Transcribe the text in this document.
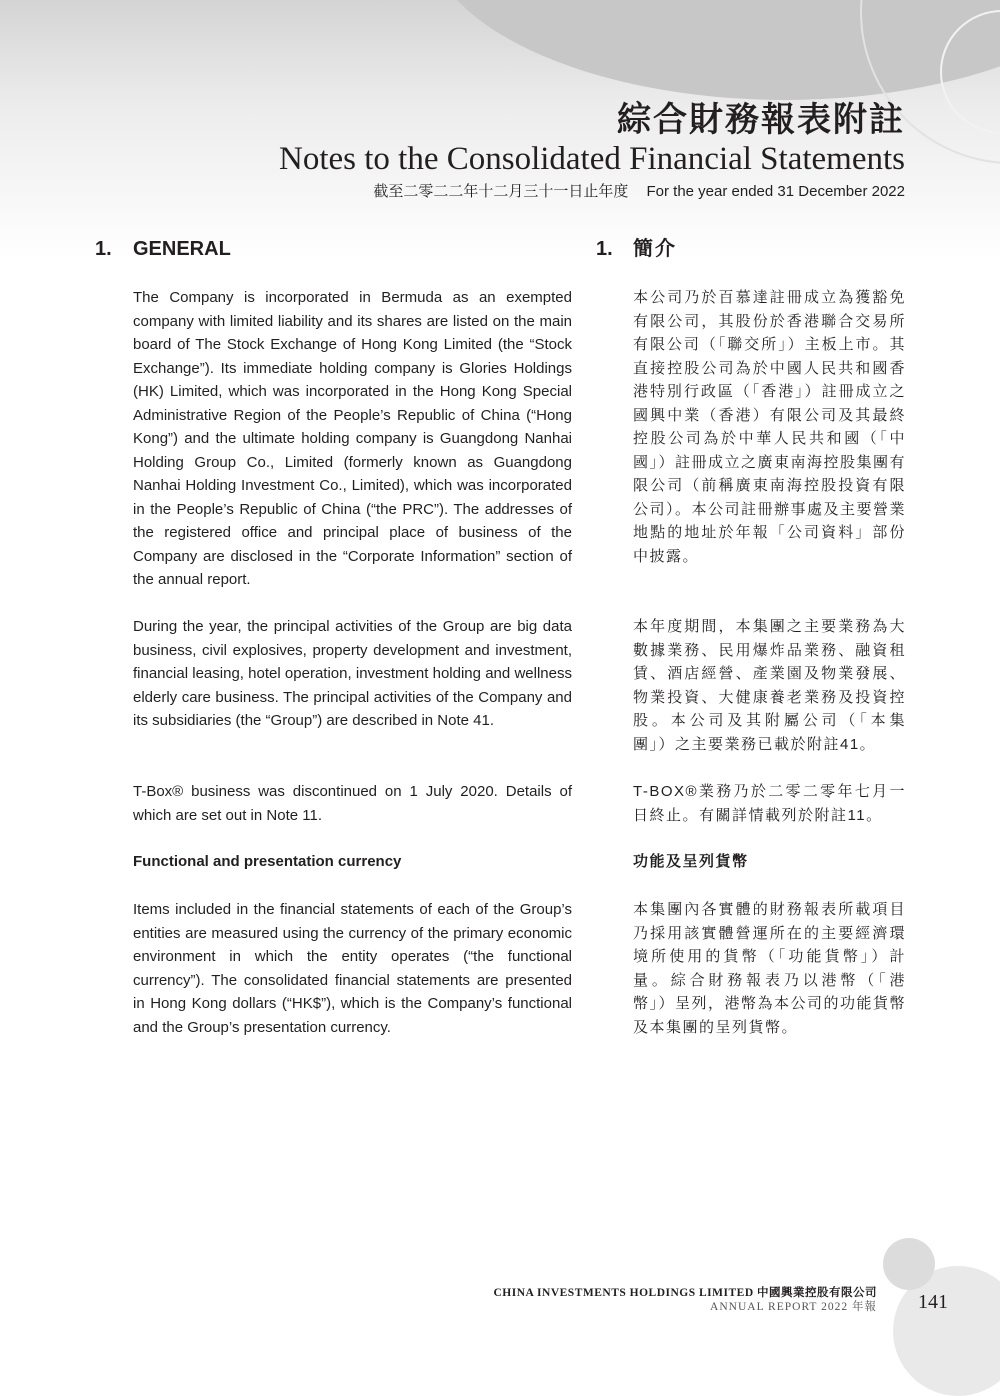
綜合財務報表附註
Notes to the Consolidated Financial Statements
截至二零二二年十二月三十一日止年度 For the year ended 31 December 2022
1. GENERAL	1. 簡介

The Company is incorporated in Bermuda as an exempted company with limited liability and its shares are listed on the main board of The Stock Exchange of Hong Kong Limited (the “Stock Exchange”). Its immediate holding company is Glories Holdings (HK) Limited, which was incorporated in the Hong Kong Special Administrative Region of the People’s Republic of China (“Hong Kong”) and the ultimate holding company is Guangdong Nanhai Holding Group Co., Limited (formerly known as Guangdong Nanhai Holding Investment Co., Limited), which was incorporated in the People’s Republic of China (“the PRC”). The addresses of the registered office and principal place of business of the Company are disclosed in the “Corporate Information” section of the annual report.

During the year, the principal activities of the Group are big data business, civil explosives, property development and investment, financial leasing, hotel operation, investment holding and wellness elderly care business. The principal activities of the Company and its subsidiaries (the “Group”) are described in Note 41.

T-Box® business was discontinued on 1 July 2020. Details of which are set out in Note 11.

Functional and presentation currency

Items included in the financial statements of each of the Group’s entities are measured using the currency of the primary economic environment in which the entity operates (“the functional currency”). The consolidated financial statements are presented in Hong Kong dollars (“HK$”), which is the Company’s functional and the Group’s presentation currency.

本公司乃於百慕達註冊成立為獲豁免有限公司，其股份於香港聯合交易所有限公司（「聯交所」）主板上市。其直接控股公司為於中國人民共和國香港特別行政區（「香港」）註冊成立之國興中業（香港）有限公司及其最終控股公司為於中華人民共和國（「中國」）註冊成立之廣東南海控股集團有限公司（前稱廣東南海控股投資有限公司）。本公司註冊辦事處及主要營業地點的地址於年報「公司資料」部份中披露。

本年度期間，本集團之主要業務為大數據業務、民用爆炸品業務、融資租賃、酒店經營、產業園及物業發展、物業投資、大健康養老業務及投資控股。本公司及其附屬公司（「本集團」）之主要業務已載於附註41。

T-BOX®業務乃於二零二零年七月一日終止。有關詳情載列於附註11。

功能及呈列貨幣

本集團內各實體的財務報表所載項目乃採用該實體營運所在的主要經濟環境所使用的貨幣（「功能貨幣」）計量。綜合財務報表乃以港幣（「港幣」）呈列，港幣為本公司的功能貨幣及本集團的呈列貨幣。

CHINA INVESTMENTS HOLDINGS LIMITED 中國興業控股有限公司
ANNUAL REPORT 2022 年報 141
